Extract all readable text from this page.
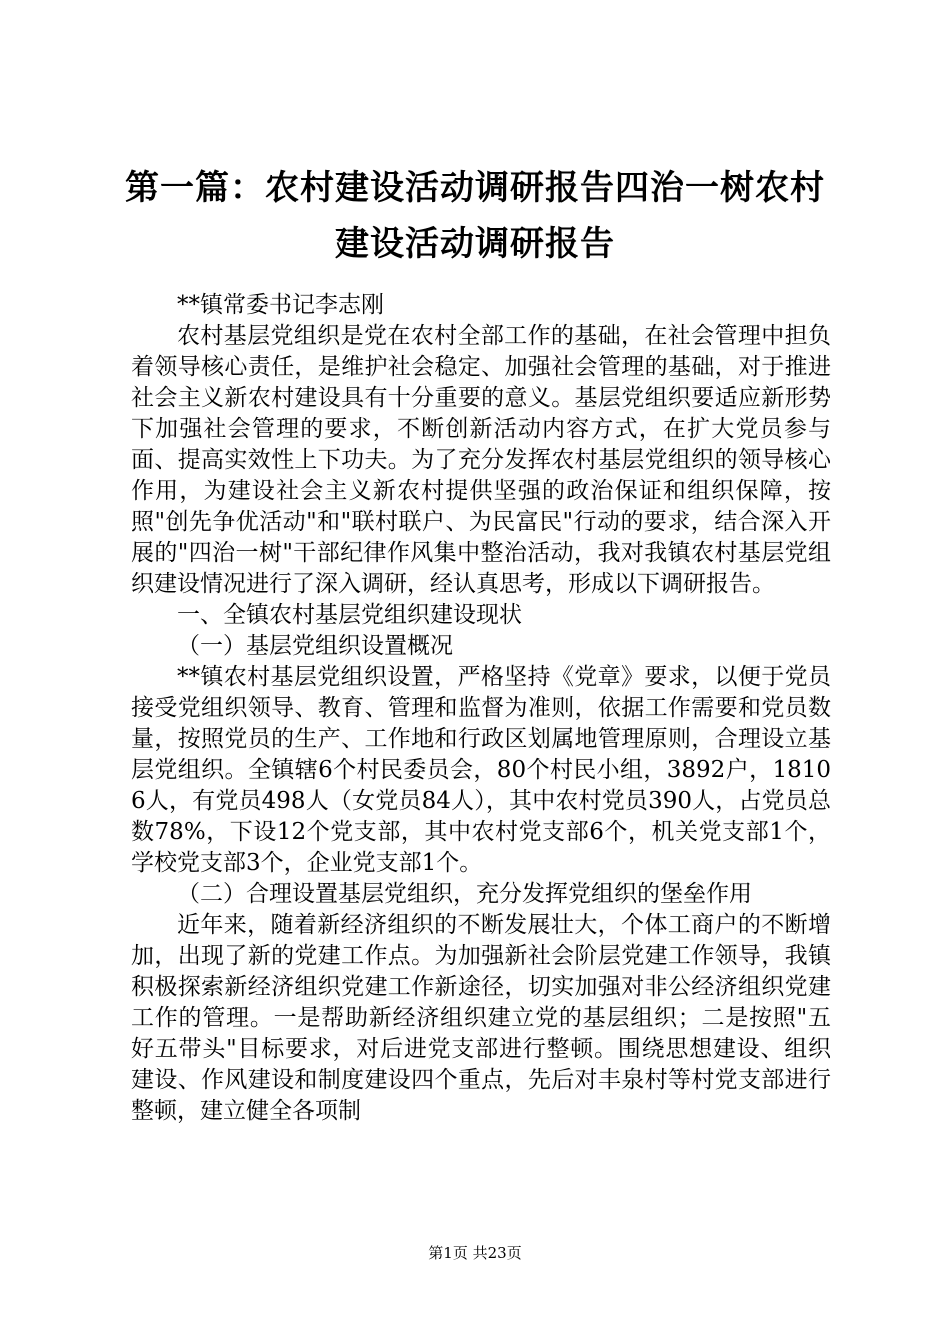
第一篇：农村建设活动调研报告四治一树农村建设活动调研报告

**镇常委书记李志刚

农村基层党组织是党在农村全部工作的基础，在社会管理中担负着领导核心责任，是维护社会稳定、加强社会管理的基础，对于推进社会主义新农村建设具有十分重要的意义。基层党组织要适应新形势下加强社会管理的要求，不断创新活动内容方式，在扩大党员参与面、提高实效性上下功夫。为了充分发挥农村基层党组织的领导核心作用，为建设社会主义新农村提供坚强的政治保证和组织保障，按照"创先争优活动"和"联村联户、为民富民"行动的要求，结合深入开展的"四治一树"干部纪律作风集中整治活动，我对我镇农村基层党组织建设情况进行了深入调研，经认真思考，形成以下调研报告。

一、全镇农村基层党组织建设现状

（一）基层党组织设置概况

**镇农村基层党组织设置，严格坚持《党章》要求，以便于党员接受党组织领导、教育、管理和监督为准则，依据工作需要和党员数量，按照党员的生产、工作地和行政区划属地管理原则，合理设立基层党组织。全镇辖6个村民委员会，80个村民小组，3892户，18106人，有党员498人（女党员84人），其中农村党员390人，占党员总数78%，下设12个党支部，其中农村党支部6个，机关党支部1个，学校党支部3个，企业党支部1个。

（二）合理设置基层党组织，充分发挥党组织的堡垒作用

近年来，随着新经济组织的不断发展壮大，个体工商户的不断增加，出现了新的党建工作点。为加强新社会阶层党建工作领导，我镇积极探索新经济组织党建工作新途径，切实加强对非公经济组织党建工作的管理。一是帮助新经济组织建立党的基层组织；二是按照"五好五带头"目标要求，对后进党支部进行整顿。围绕思想建设、组织建设、作风建设和制度建设四个重点，先后对丰泉村等村党支部进行整顿，建立健全各项制

第1页 共23页
